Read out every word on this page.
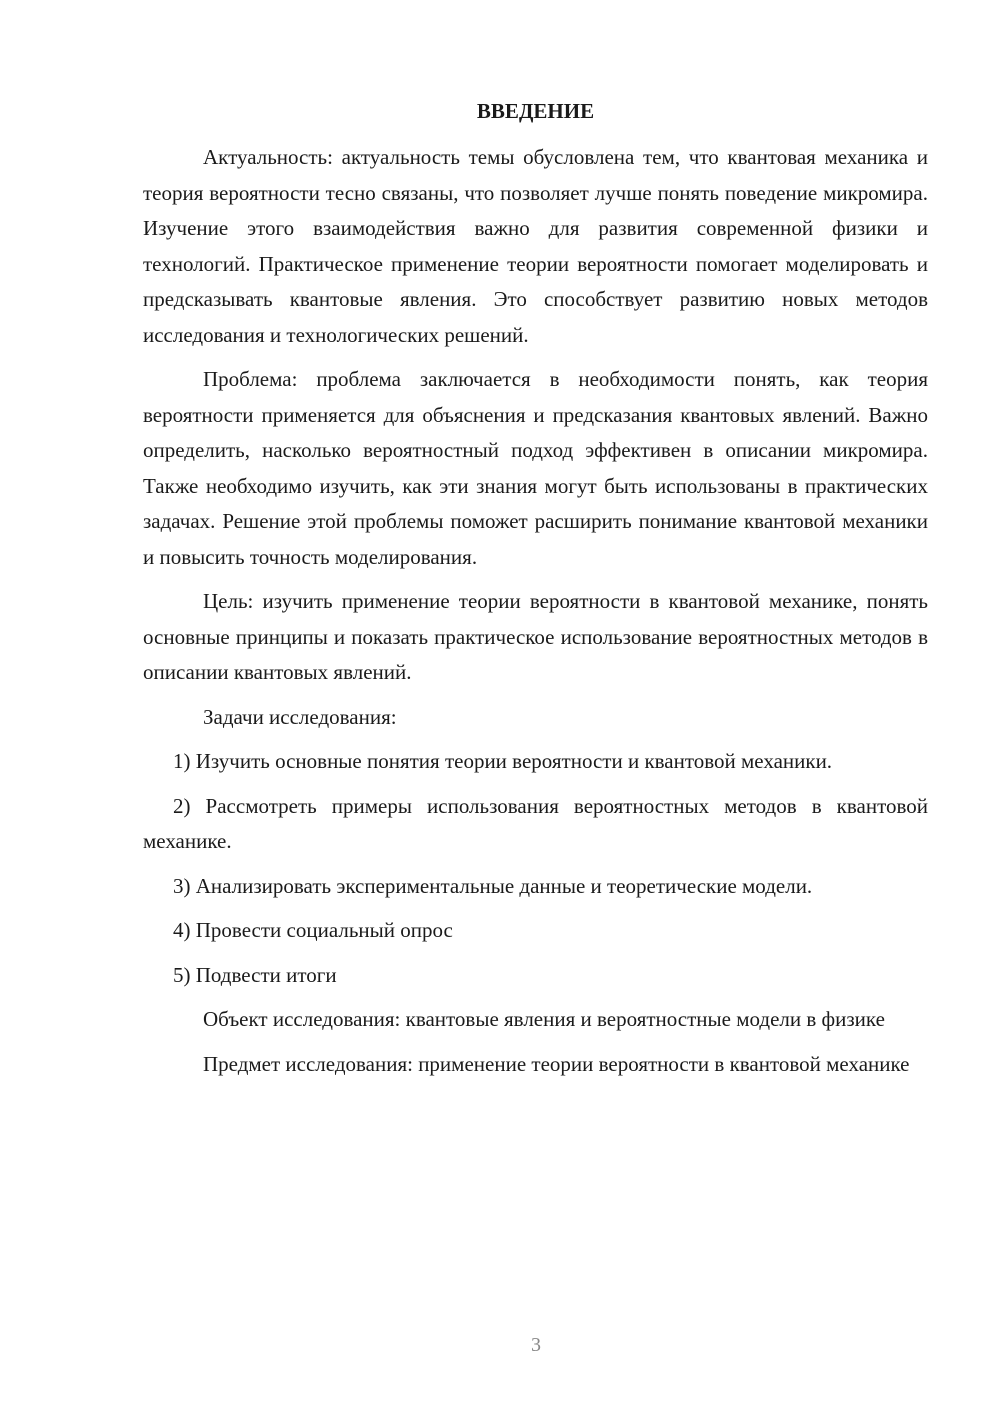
ВВЕДЕНИЕ

Актуальность: актуальность темы обусловлена тем, что квантовая механика и теория вероятности тесно связаны, что позволяет лучше понять поведение микромира. Изучение этого взаимодействия важно для развития современной физики и технологий. Практическое применение теории вероятности помогает моделировать и предсказывать квантовые явления. Это способствует развитию новых методов исследования и технологических решений.

Проблема: проблема заключается в необходимости понять, как теория вероятности применяется для объяснения и предсказания квантовых явлений. Важно определить, насколько вероятностный подход эффективен в описании микромира. Также необходимо изучить, как эти знания могут быть использованы в практических задачах. Решение этой проблемы поможет расширить понимание квантовой механики и повысить точность моделирования.

Цель: изучить применение теории вероятности в квантовой механике, понять основные принципы и показать практическое использование вероятностных методов в описании квантовых явлений.

Задачи исследования:

1) Изучить основные понятия теории вероятности и квантовой механики.
2) Рассмотреть примеры использования вероятностных методов в квантовой механике.
3) Анализировать экспериментальные данные и теоретические модели.
4) Провести социальный опрос
5) Подвести итоги

Объект исследования: квантовые явления и вероятностные модели в физике

Предмет исследования: применение теории вероятности в квантовой механике

3
